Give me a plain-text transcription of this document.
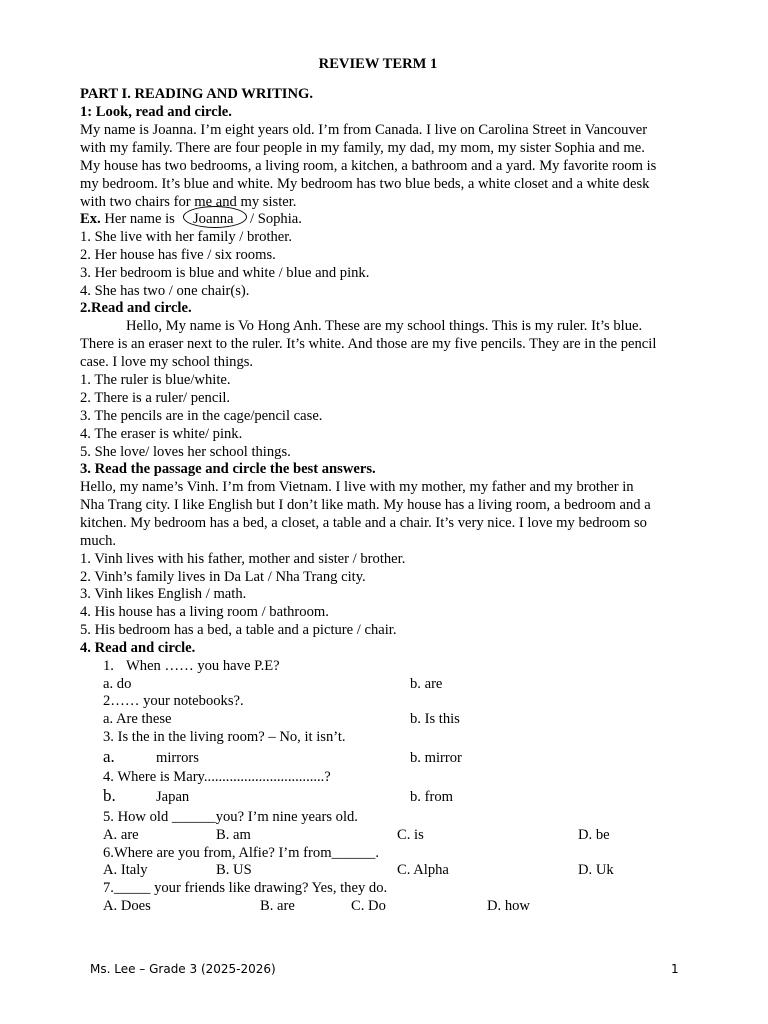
REVIEW TERM 1
PART I. READING AND WRITING.
1: Look, read and circle.
My name is Joanna. I’m eight years old. I’m from Canada. I live on Carolina Street in Vancouver
with my family. There are four people in my family, my dad, my mom, my sister Sophia and me.
My house has two bedrooms, a living room, a kitchen, a bathroom and a yard. My favorite room is
my bedroom. It’s blue and white. My bedroom has two blue beds, a white closet and a white desk
with two chairs for me and my sister.
Ex. Her name is Joanna / Sophia.
1. She live with her family / brother.
2. Her house has five / six rooms.
3. Her bedroom is blue and white / blue and pink.
4. She has two / one chair(s).
2.Read and circle.
Hello, My name is Vo Hong Anh. These are my school things. This is my ruler. It’s blue.
There is an eraser next to the ruler. It’s white. And those are my five pencils. They are in the pencil
case. I love my school things.
1. The ruler is blue/white.
2. There is a ruler/ pencil.
3. The pencils are in the cage/pencil case.
4. The eraser is white/ pink.
5. She love/ loves her school things.
3. Read the passage and circle the best answers.
Hello, my name’s Vinh. I’m from Vietnam. I live with my mother, my father and my brother in
Nha Trang city. I like English but I don’t like math. My house has a living room, a bedroom and a
kitchen. My bedroom has a bed, a closet, a table and a chair. It’s very nice. I love my bedroom so
much.
1. Vinh lives with his father, mother and sister / brother.
2. Vinh’s family lives in Da Lat / Nha Trang city.
3. Vinh likes English / math.
4. His house has a living room / bathroom.
5. His bedroom has a bed, a table and a picture / chair.
4. Read and circle.
1. When …… you have P.E?
a. do	b. are
2…… your notebooks?.
a. Are these	b. Is this
3. Is the in the living room? – No, it isn’t.
a.	mirrors	b. mirror
4. Where is Mary.................................?
b.	Japan	b. from
5. How old ______you? I’m nine years old.
A. are	B. am	C. is	D. be
6.Where are you from, Alfie? I’m from______.
A. Italy	B. US	C. Alpha	D. Uk
7._____ your friends like drawing? Yes, they do.
A. Does	B. are	C. Do	D. how
Ms. Lee – Grade 3 (2025-2026)	1
